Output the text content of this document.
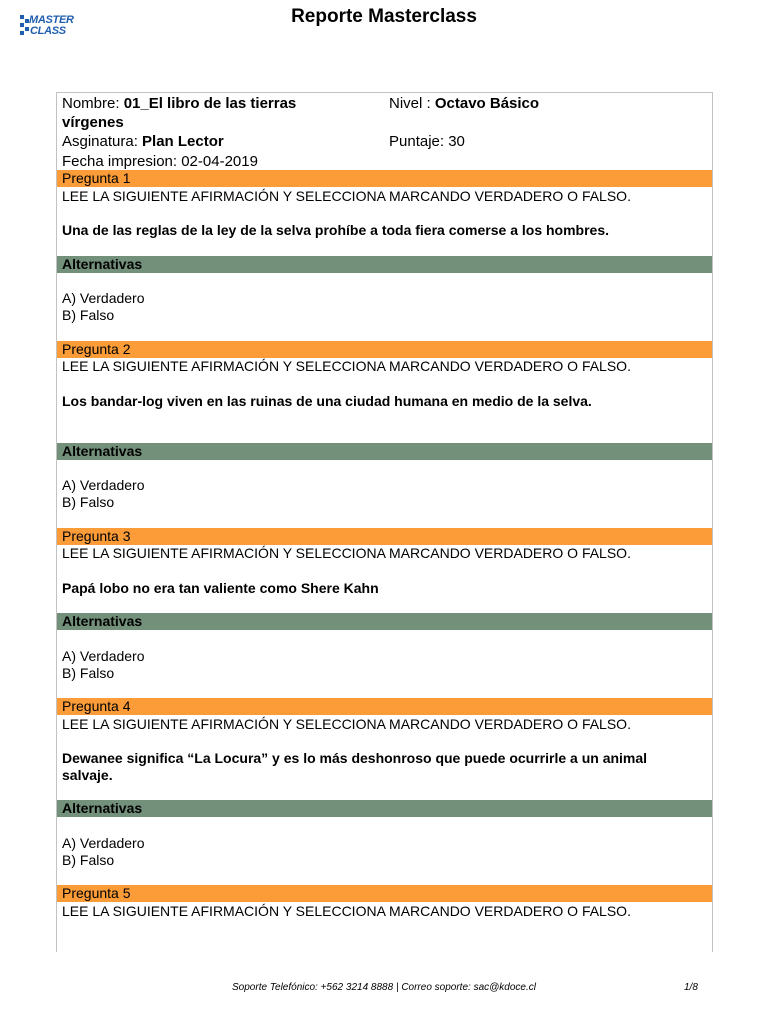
MASTER
CLASS
Reporte Masterclass
Nombre: 01_El libro de las tierras
vírgenes
Nivel : Octavo Básico
Asginatura: Plan Lector	Puntaje: 30
Fecha impresion: 02-04-2019
Pregunta 1
LEE LA SIGUIENTE AFIRMACIÓN Y SELECCIONA MARCANDO VERDADERO O FALSO.
Una de las reglas de la ley de la selva prohíbe a toda fiera comerse a los hombres.
Alternativas
A) Verdadero
B) Falso
Pregunta 2
LEE LA SIGUIENTE AFIRMACIÓN Y SELECCIONA MARCANDO VERDADERO O FALSO.
Los bandar-log viven en las ruinas de una ciudad humana en medio de la selva.
Alternativas
A) Verdadero
B) Falso
Pregunta 3
LEE LA SIGUIENTE AFIRMACIÓN Y SELECCIONA MARCANDO VERDADERO O FALSO.
Papá lobo no era tan valiente como Shere Kahn
Alternativas
A) Verdadero
B) Falso
Pregunta 4
LEE LA SIGUIENTE AFIRMACIÓN Y SELECCIONA MARCANDO VERDADERO O FALSO.
Dewanee significa “La Locura” y es lo más deshonroso que puede ocurrirle a un animal
salvaje.
Alternativas
A) Verdadero
B) Falso
Pregunta 5
LEE LA SIGUIENTE AFIRMACIÓN Y SELECCIONA MARCANDO VERDADERO O FALSO.
Soporte Telefónico: +562 3214 8888 | Correo soporte: sac@kdoce.cl	1/8
